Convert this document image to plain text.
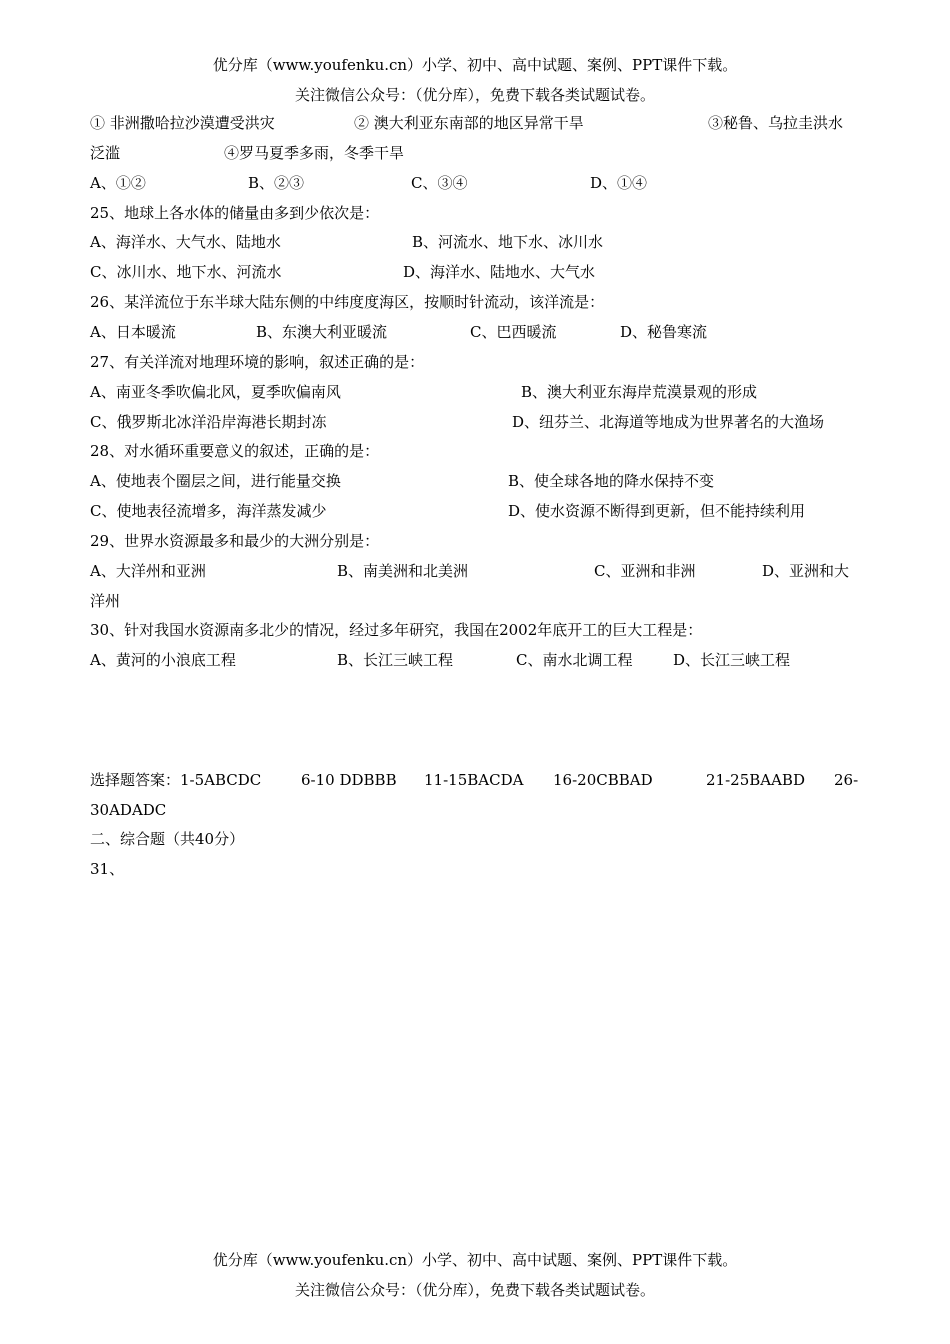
优分库（www.youfenku.cn）小学、初中、高中试题、案例、PPT课件下载。
关注微信公众号：（优分库），免费下载各类试题试卷。
① 非洲撒哈拉沙漠遭受洪灾	② 澳大利亚东南部的地区异常干旱	③秘鲁、乌拉圭洪水
泛滥	④罗马夏季多雨，冬季干旱
A、①②	B、②③	C、③④	D、①④
25、地球上各水体的储量由多到少依次是：
A、海洋水、大气水、陆地水	B、河流水、地下水、冰川水
C、冰川水、地下水、河流水	D、海洋水、陆地水、大气水
26、某洋流位于东半球大陆东侧的中纬度度海区，按顺时针流动，该洋流是：
A、日本暖流	B、东澳大利亚暖流	C、巴西暖流	D、秘鲁寒流
27、有关洋流对地理环境的影响，叙述正确的是：
A、南亚冬季吹偏北风，夏季吹偏南风	B、澳大利亚东海岸荒漠景观的形成
C、俄罗斯北冰洋沿岸海港长期封冻	D、纽芬兰、北海道等地成为世界著名的大渔场
28、对水循环重要意义的叙述，正确的是：
A、使地表个圈层之间，进行能量交换	B、使全球各地的降水保持不变
C、使地表径流增多，海洋蒸发减少	D、使水资源不断得到更新，但不能持续利用
29、世界水资源最多和最少的大洲分别是：
A、大洋州和亚洲	B、南美洲和北美洲	C、亚洲和非洲	D、亚洲和大
洋州
30、针对我国水资源南多北少的情况，经过多年研究，我国在2002年底开工的巨大工程是：
A、黄河的小浪底工程	B、长江三峡工程	C、南水北调工程	D、长江三峡工程
选择题答案：1-5ABCDC	6-10 DDBBB 11-15BACDA 16-20CBBAD	21-25BAABD 26-
30ADADC
二、综合题（共40分）
31、
优分库（www.youfenku.cn）小学、初中、高中试题、案例、PPT课件下载。
关注微信公众号：（优分库），免费下载各类试题试卷。
